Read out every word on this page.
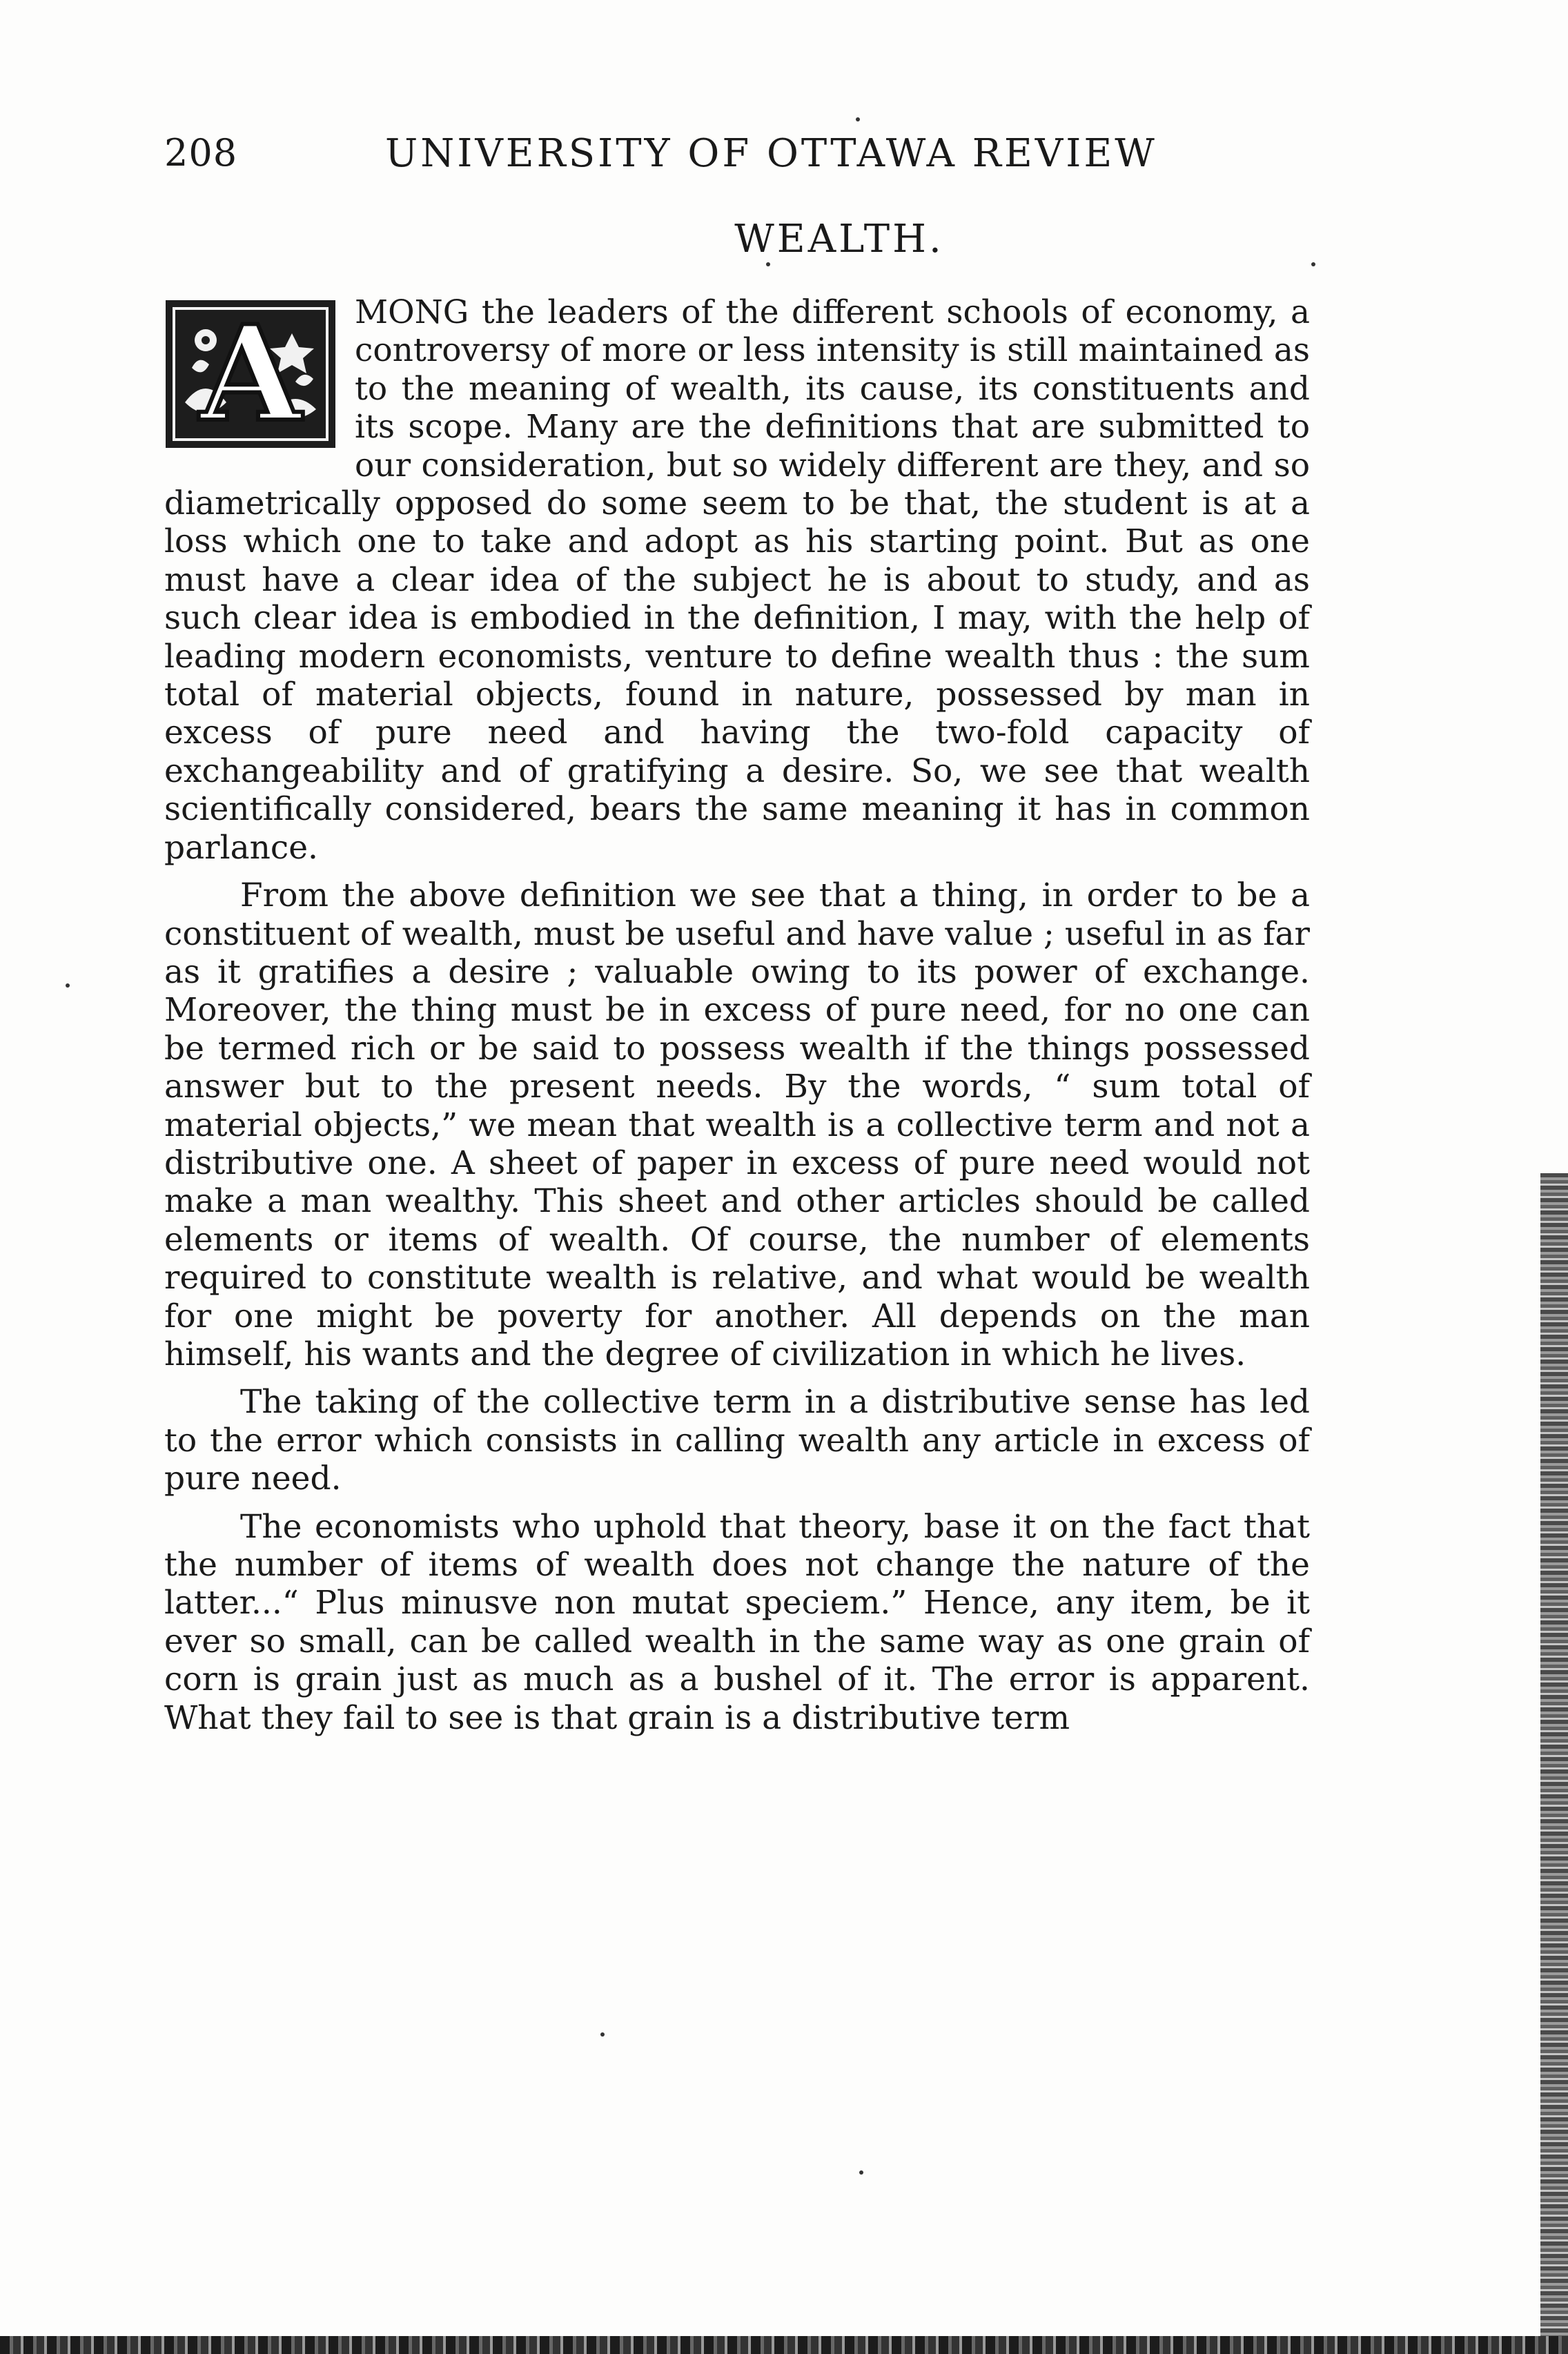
208	UNIVERSITY OF OTTAWA REVIEW
WEALTH.

A	MONG the leaders of the different schools of economy, a controversy of more or less intensity is still maintained as to the meaning of wealth, its cause, its constituents and its scope. Many are the definitions that are submitted to our consideration, but so widely different are they, and so diametrically opposed do some seem to be that, the student is at a loss which one to take and adopt as his starting point. But as one must have a clear idea of the subject he is about to study, and as such clear idea is embodied in the definition, I may, with the help of leading modern economists, venture to define wealth thus : the sum total of material objects, found in nature, possessed by man in excess of pure need and having the two-fold capacity of exchangeability and of gratifying a desire. So, we see that wealth scientifically considered, bears the same meaning it has in common parlance.

From the above definition we see that a thing, in order to be a constituent of wealth, must be useful and have value ; useful in as far as it gratifies a desire ; valuable owing to its power of exchange. Moreover, the thing must be in excess of pure need, for no one can be termed rich or be said to possess wealth if the things possessed answer but to the present needs. By the words, “ sum total of material objects,” we mean that wealth is a collective term and not a distributive one. A sheet of paper in excess of pure need would not make a man wealthy. This sheet and other articles should be called elements or items of wealth. Of course, the number of elements required to constitute wealth is relative, and what would be wealth for one might be poverty for another. All depends on the man himself, his wants and the degree of civilization in which he lives.

The taking of the collective term in a distributive sense has led to the error which consists in calling wealth any article in excess of pure need.

The economists who uphold that theory, base it on the fact that the number of items of wealth does not change the nature of the latter...“ Plus minusve non mutat speciem.” Hence, any item, be it ever so small, can be called wealth in the same way as one grain of corn is grain just as much as a bushel of it. The error is apparent. What they fail to see is that grain is a distributive term
